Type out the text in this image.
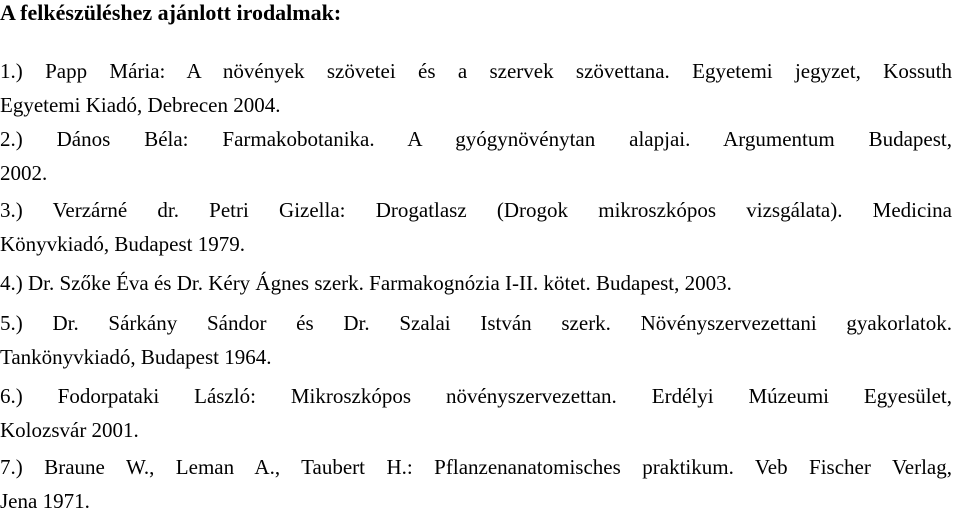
A felkészüléshez ajánlott irodalmak:
1.) Papp Mária: A növények szövetei és a szervek szövettana. Egyetemi jegyzet, Kossuth
Egyetemi Kiadó, Debrecen 2004.
2.) Dános Béla: Farmakobotanika. A gyógynövénytan alapjai. Argumentum Budapest,
2002.
3.) Verzárné dr. Petri Gizella: Drogatlasz (Drogok mikroszkópos vizsgálata). Medicina
Könyvkiadó, Budapest 1979.
4.) Dr. Szőke Éva és Dr. Kéry Ágnes szerk. Farmakognózia I-II. kötet. Budapest, 2003.
5.) Dr. Sárkány Sándor és Dr. Szalai István szerk. Növényszervezettani gyakorlatok.
Tankönyvkiadó, Budapest 1964.
6.) Fodorpataki László: Mikroszkópos növényszervezettan. Erdélyi Múzeumi Egyesület,
Kolozsvár 2001.
7.) Braune W., Leman A., Taubert H.: Pflanzenanatomisches praktikum. Veb Fischer Verlag,
Jena 1971.
